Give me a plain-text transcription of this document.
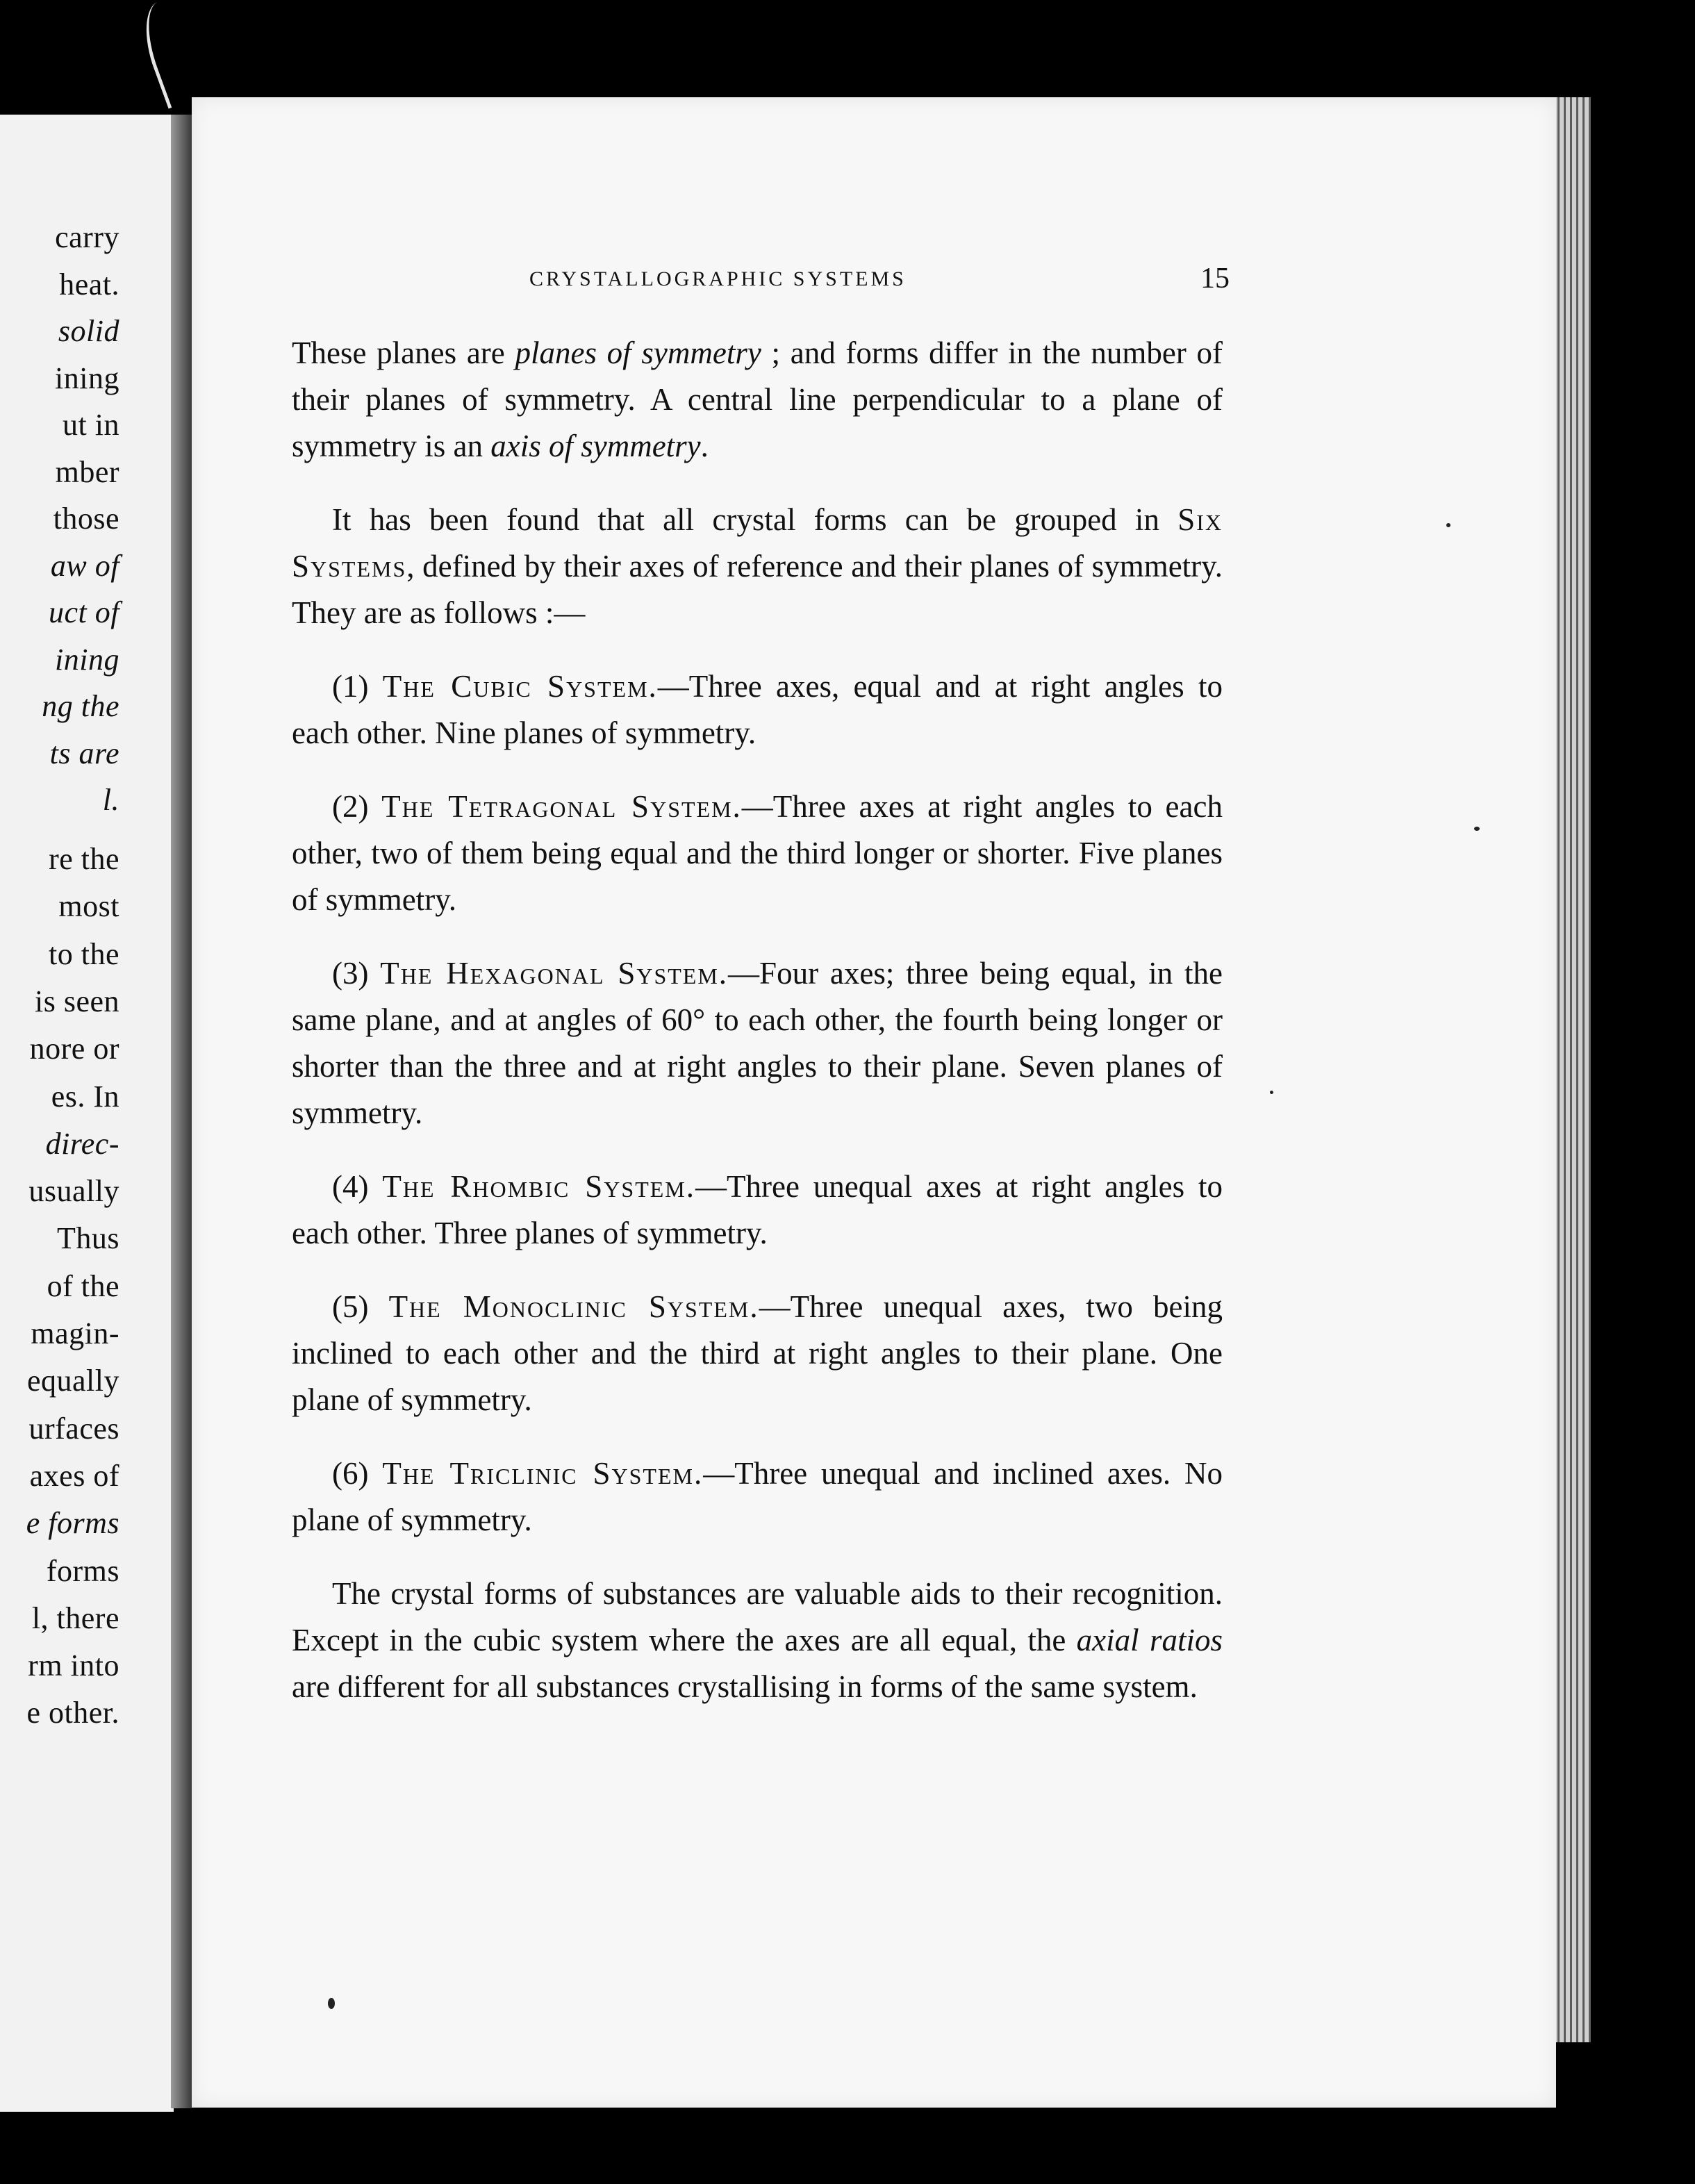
carry
heat.
solid
ining
ut in
mber
those
aw of
uct of
ining
ng the
ts are
l.
re the
most
to the
is seen
nore or
es. In
direc-
usually
Thus
of the
magin-
equally
urfaces
axes of
e forms
forms
l, there
rm into
e other.
CRYSTALLOGRAPHIC SYSTEMS	15

These planes are planes of symmetry ; and forms differ in the number of their planes of symmetry. A central line perpendicular to a plane of symmetry is an axis of symmetry.

It has been found that all crystal forms can be grouped in Six Systems, defined by their axes of reference and their planes of symmetry. They are as follows :—

(1) The Cubic System.—Three axes, equal and at right angles to each other. Nine planes of symmetry.

(2) The Tetragonal System.—Three axes at right angles to each other, two of them being equal and the third longer or shorter. Five planes of symmetry.

(3) The Hexagonal System.—Four axes; three being equal, in the same plane, and at angles of 60° to each other, the fourth being longer or shorter than the three and at right angles to their plane. Seven planes of symmetry.

(4) The Rhombic System.—Three unequal axes at right angles to each other. Three planes of symmetry.

(5) The Monoclinic System.—Three unequal axes, two being inclined to each other and the third at right angles to their plane. One plane of symmetry.

(6) The Triclinic System.—Three unequal and inclined axes. No plane of symmetry.

The crystal forms of substances are valuable aids to their recognition. Except in the cubic system where the axes are all equal, the axial ratios are different for all substances crystallising in forms of the same system.
